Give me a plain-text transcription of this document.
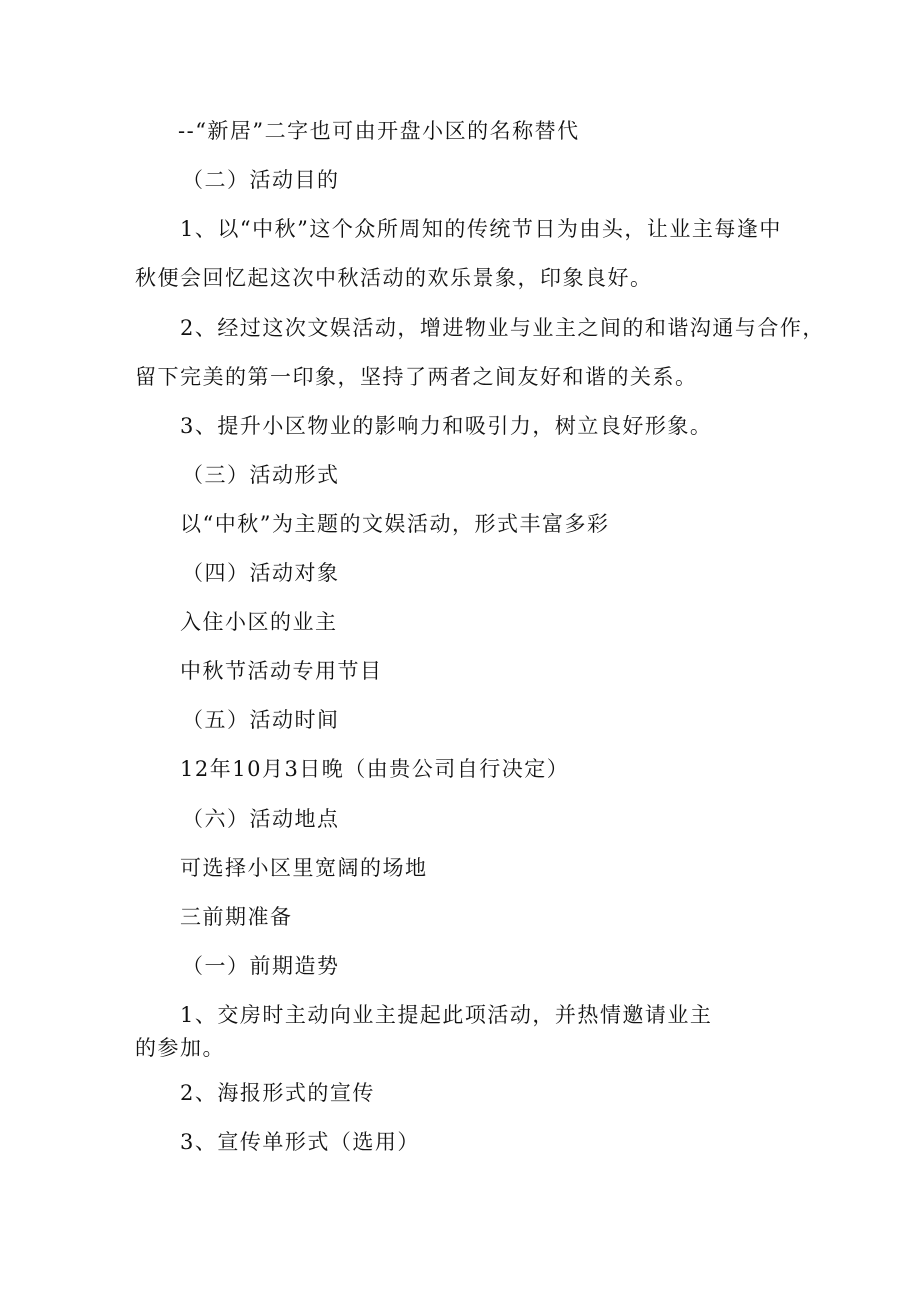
--“新居”二字也可由开盘小区的名称替代
（二）活动目的
1、以“中秋”这个众所周知的传统节日为由头，让业主每逢中
秋便会回忆起这次中秋活动的欢乐景象，印象良好。
2、经过这次文娱活动，增进物业与业主之间的和谐沟通与合作，
留下完美的第一印象，坚持了两者之间友好和谐的关系。
3、提升小区物业的影响力和吸引力，树立良好形象。
（三）活动形式
以“中秋”为主题的文娱活动，形式丰富多彩
（四）活动对象
入住小区的业主
中秋节活动专用节目
（五）活动时间
12年10月3日晚（由贵公司自行决定）
（六）活动地点
可选择小区里宽阔的场地
三前期准备
（一）前期造势
1、交房时主动向业主提起此项活动，并热情邀请业主
的参加。
2、海报形式的宣传
3、宣传单形式（选用）
